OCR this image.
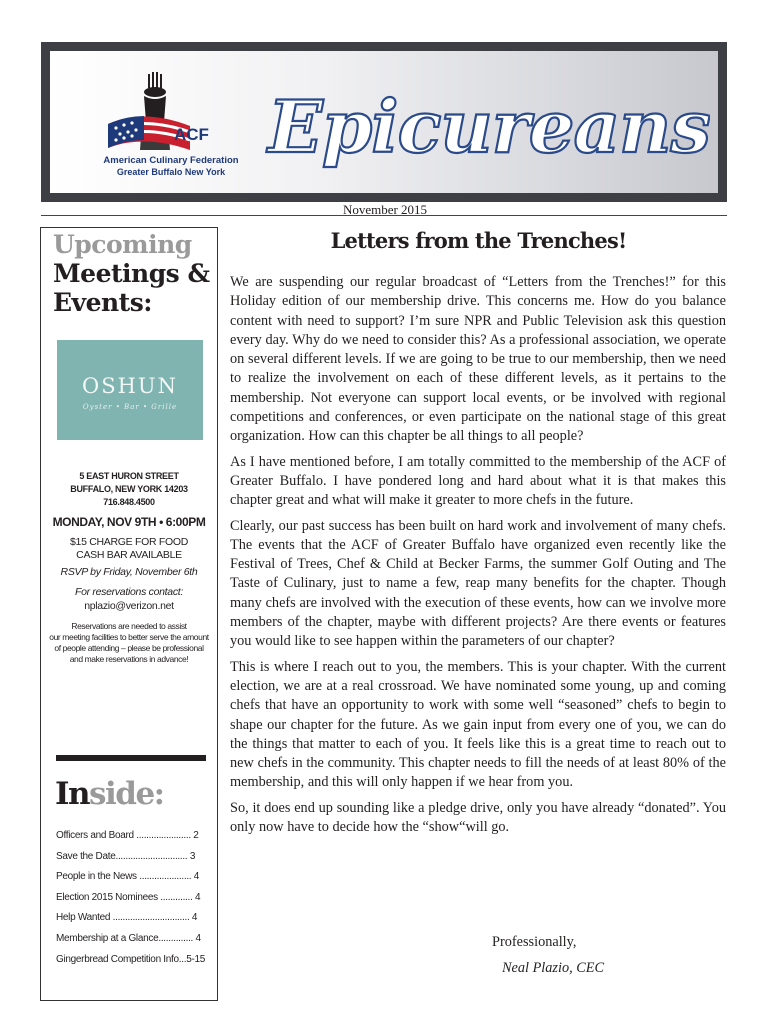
ACF
American Culinary Federation
Greater Buffalo New York
Epicureans
November 2015
Upcoming
Meetings &
Events:
OSHUN
Oyster • Bar • Grille
5 EAST HURON STREET
BUFFALO, NEW YORK 14203
716.848.4500
MONDAY, NOV 9TH • 6:00PM
$15 CHARGE FOR FOOD
CASH BAR AVAILABLE
RSVP by Friday, November 6th
For reservations contact:
nplazio@verizon.net
Reservations are needed to assist
our meeting facilities to better serve the amount
of people attending – please be professional
and make reservations in advance!
Inside:
Officers and Board ...................... 2
Save the Date............................. 3
People in the News ..................... 4
Election 2015 Nominees ............. 4
Help Wanted ............................... 4
Membership at a Glance.............. 4
Gingerbread Competition Info...5-15
Letters from the Trenches!

We are suspending our regular broadcast of “Letters from the Trenches!” for this Holiday edition of our membership drive. This concerns me. How do you balance content with need to support? I’m sure NPR and Public Television ask this question every day. Why do we need to consider this? As a professional association, we operate on several different levels. If we are going to be true to our membership, then we need to realize the involvement on each of these different levels, as it pertains to the membership. Not everyone can support local events, or be involved with regional competitions and conferences, or even participate on the national stage of this great organization. How can this chapter be all things to all people?

As I have mentioned before, I am totally committed to the membership of the ACF of Greater Buffalo. I have pondered long and hard about what it is that makes this chapter great and what will make it greater to more chefs in the future.

Clearly, our past success has been built on hard work and involvement of many chefs. The events that the ACF of Greater Buffalo have organized even recently like the Festival of Trees, Chef & Child at Becker Farms, the summer Golf Outing and The Taste of Culinary, just to name a few, reap many benefits for the chapter. Though many chefs are involved with the execution of these events, how can we involve more members of the chapter, maybe with different projects? Are there events or features you would like to see happen within the parameters of our chapter?

This is where I reach out to you, the members. This is your chapter. With the current election, we are at a real crossroad. We have nominated some young, up and coming chefs that have an opportunity to work with some well “seasoned” chefs to begin to shape our chapter for the future. As we gain input from every one of you, we can do the things that matter to each of you. It feels like this is a great time to reach out to new chefs in the community. This chapter needs to fill the needs of at least 80% of the membership, and this will only happen if we hear from you.

So, it does end up sounding like a pledge drive, only you have already “donated”. You only now have to decide how the “show“will go.

Professionally,
Neal Plazio, CEC
